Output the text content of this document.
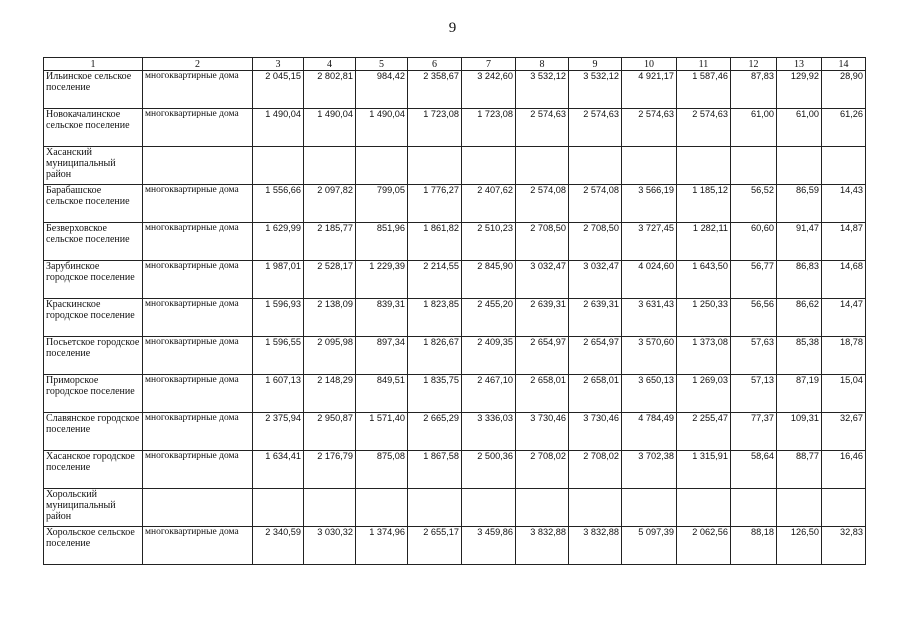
9
1	2	3	4	5	6	7	8	9	10	11	12	13	14
Ильинское сельское поселение	многоквартирные дома	2 045,15	2 802,81	984,42	2 358,67	3 242,60	3 532,12	3 532,12	4 921,17	1 587,46	87,83	129,92	28,90
Новокачалинское сельское поселение	многоквартирные дома	1 490,04	1 490,04	1 490,04	1 723,08	1 723,08	2 574,63	2 574,63	2 574,63	2 574,63	61,00	61,00	61,26
Хасанский муниципальный район													
Барабашское сельское поселение	многоквартирные дома	1 556,66	2 097,82	799,05	1 776,27	2 407,62	2 574,08	2 574,08	3 566,19	1 185,12	56,52	86,59	14,43
Безверховское сельское поселение	многоквартирные дома	1 629,99	2 185,77	851,96	1 861,82	2 510,23	2 708,50	2 708,50	3 727,45	1 282,11	60,60	91,47	14,87
Зарубинское городское поселение	многоквартирные дома	1 987,01	2 528,17	1 229,39	2 214,55	2 845,90	3 032,47	3 032,47	4 024,60	1 643,50	56,77	86,83	14,68
Краскинское городское поселение	многоквартирные дома	1 596,93	2 138,09	839,31	1 823,85	2 455,20	2 639,31	2 639,31	3 631,43	1 250,33	56,56	86,62	14,47
Посьетское городское поселение	многоквартирные дома	1 596,55	2 095,98	897,34	1 826,67	2 409,35	2 654,97	2 654,97	3 570,60	1 373,08	57,63	85,38	18,78
Приморское городское поселение	многоквартирные дома	1 607,13	2 148,29	849,51	1 835,75	2 467,10	2 658,01	2 658,01	3 650,13	1 269,03	57,13	87,19	15,04
Славянское городское поселение	многоквартирные дома	2 375,94	2 950,87	1 571,40	2 665,29	3 336,03	3 730,46	3 730,46	4 784,49	2 255,47	77,37	109,31	32,67
Хасанское городское поселение	многоквартирные дома	1 634,41	2 176,79	875,08	1 867,58	2 500,36	2 708,02	2 708,02	3 702,38	1 315,91	58,64	88,77	16,46
Хорольский муниципальный район													
Хорольское сельское поселение	многоквартирные дома	2 340,59	3 030,32	1 374,96	2 655,17	3 459,86	3 832,88	3 832,88	5 097,39	2 062,56	88,18	126,50	32,83
